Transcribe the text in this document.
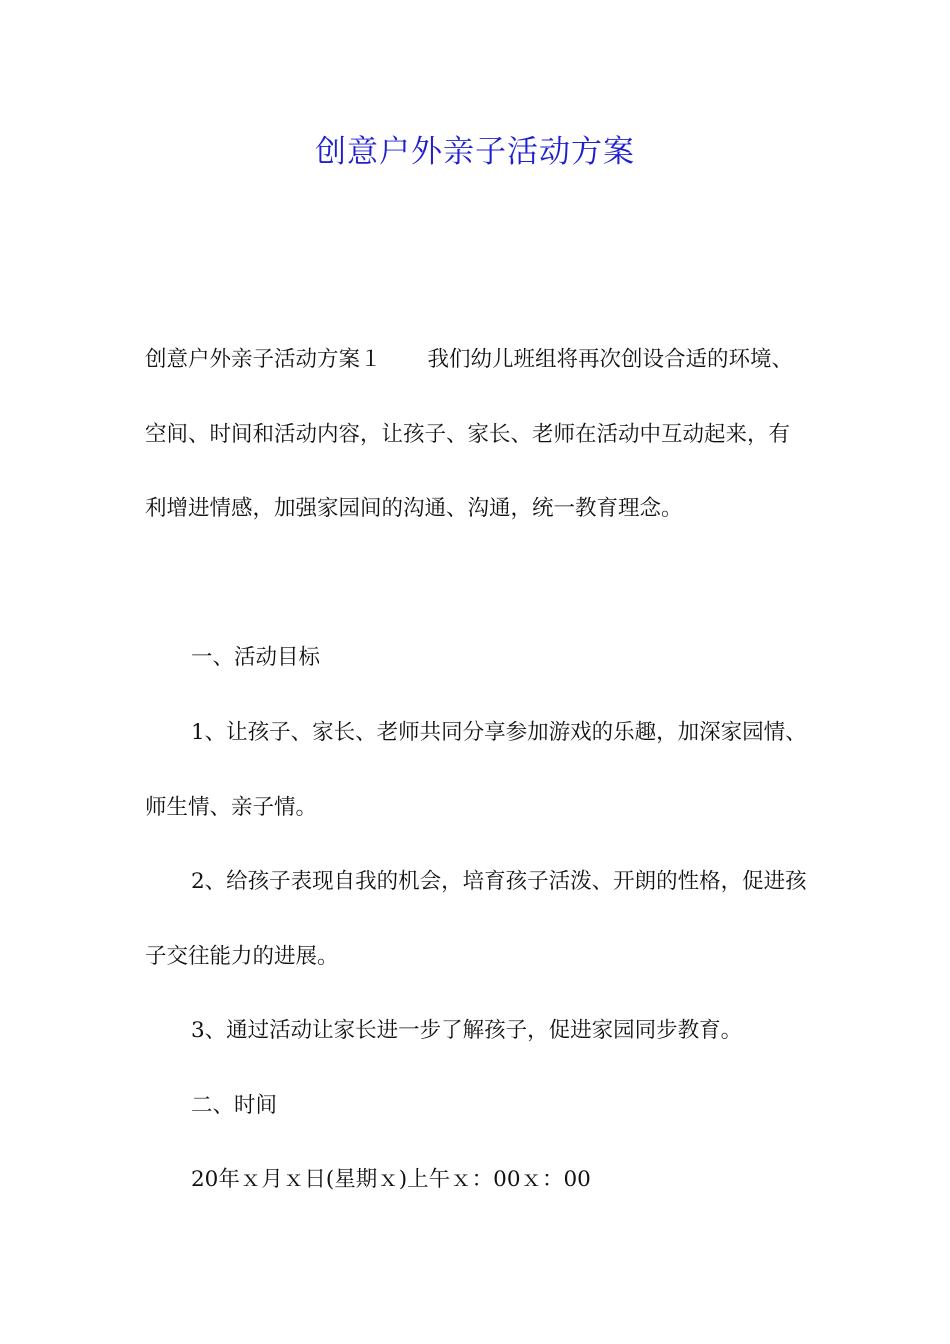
创意户外亲子活动方案
创意户外亲子活动方案１ 我们幼儿班组将再次创设合适的环境、空间、时间和活动内容，让孩子、家长、老师在活动中互动起来，有利增进情感，加强家园间的沟通、沟通，统一教育理念。
一、活动目标
1、让孩子、家长、老师共同分享参加游戏的乐趣，加深家园情、师生情、亲子情。
2、给孩子表现自我的机会，培育孩子活泼、开朗的性格，促进孩子交往能力的进展。
3、通过活动让家长进一步了解孩子，促进家园同步教育。
二、时间
20年ｘ月ｘ日(星期ｘ)上午ｘ：00ｘ：00
